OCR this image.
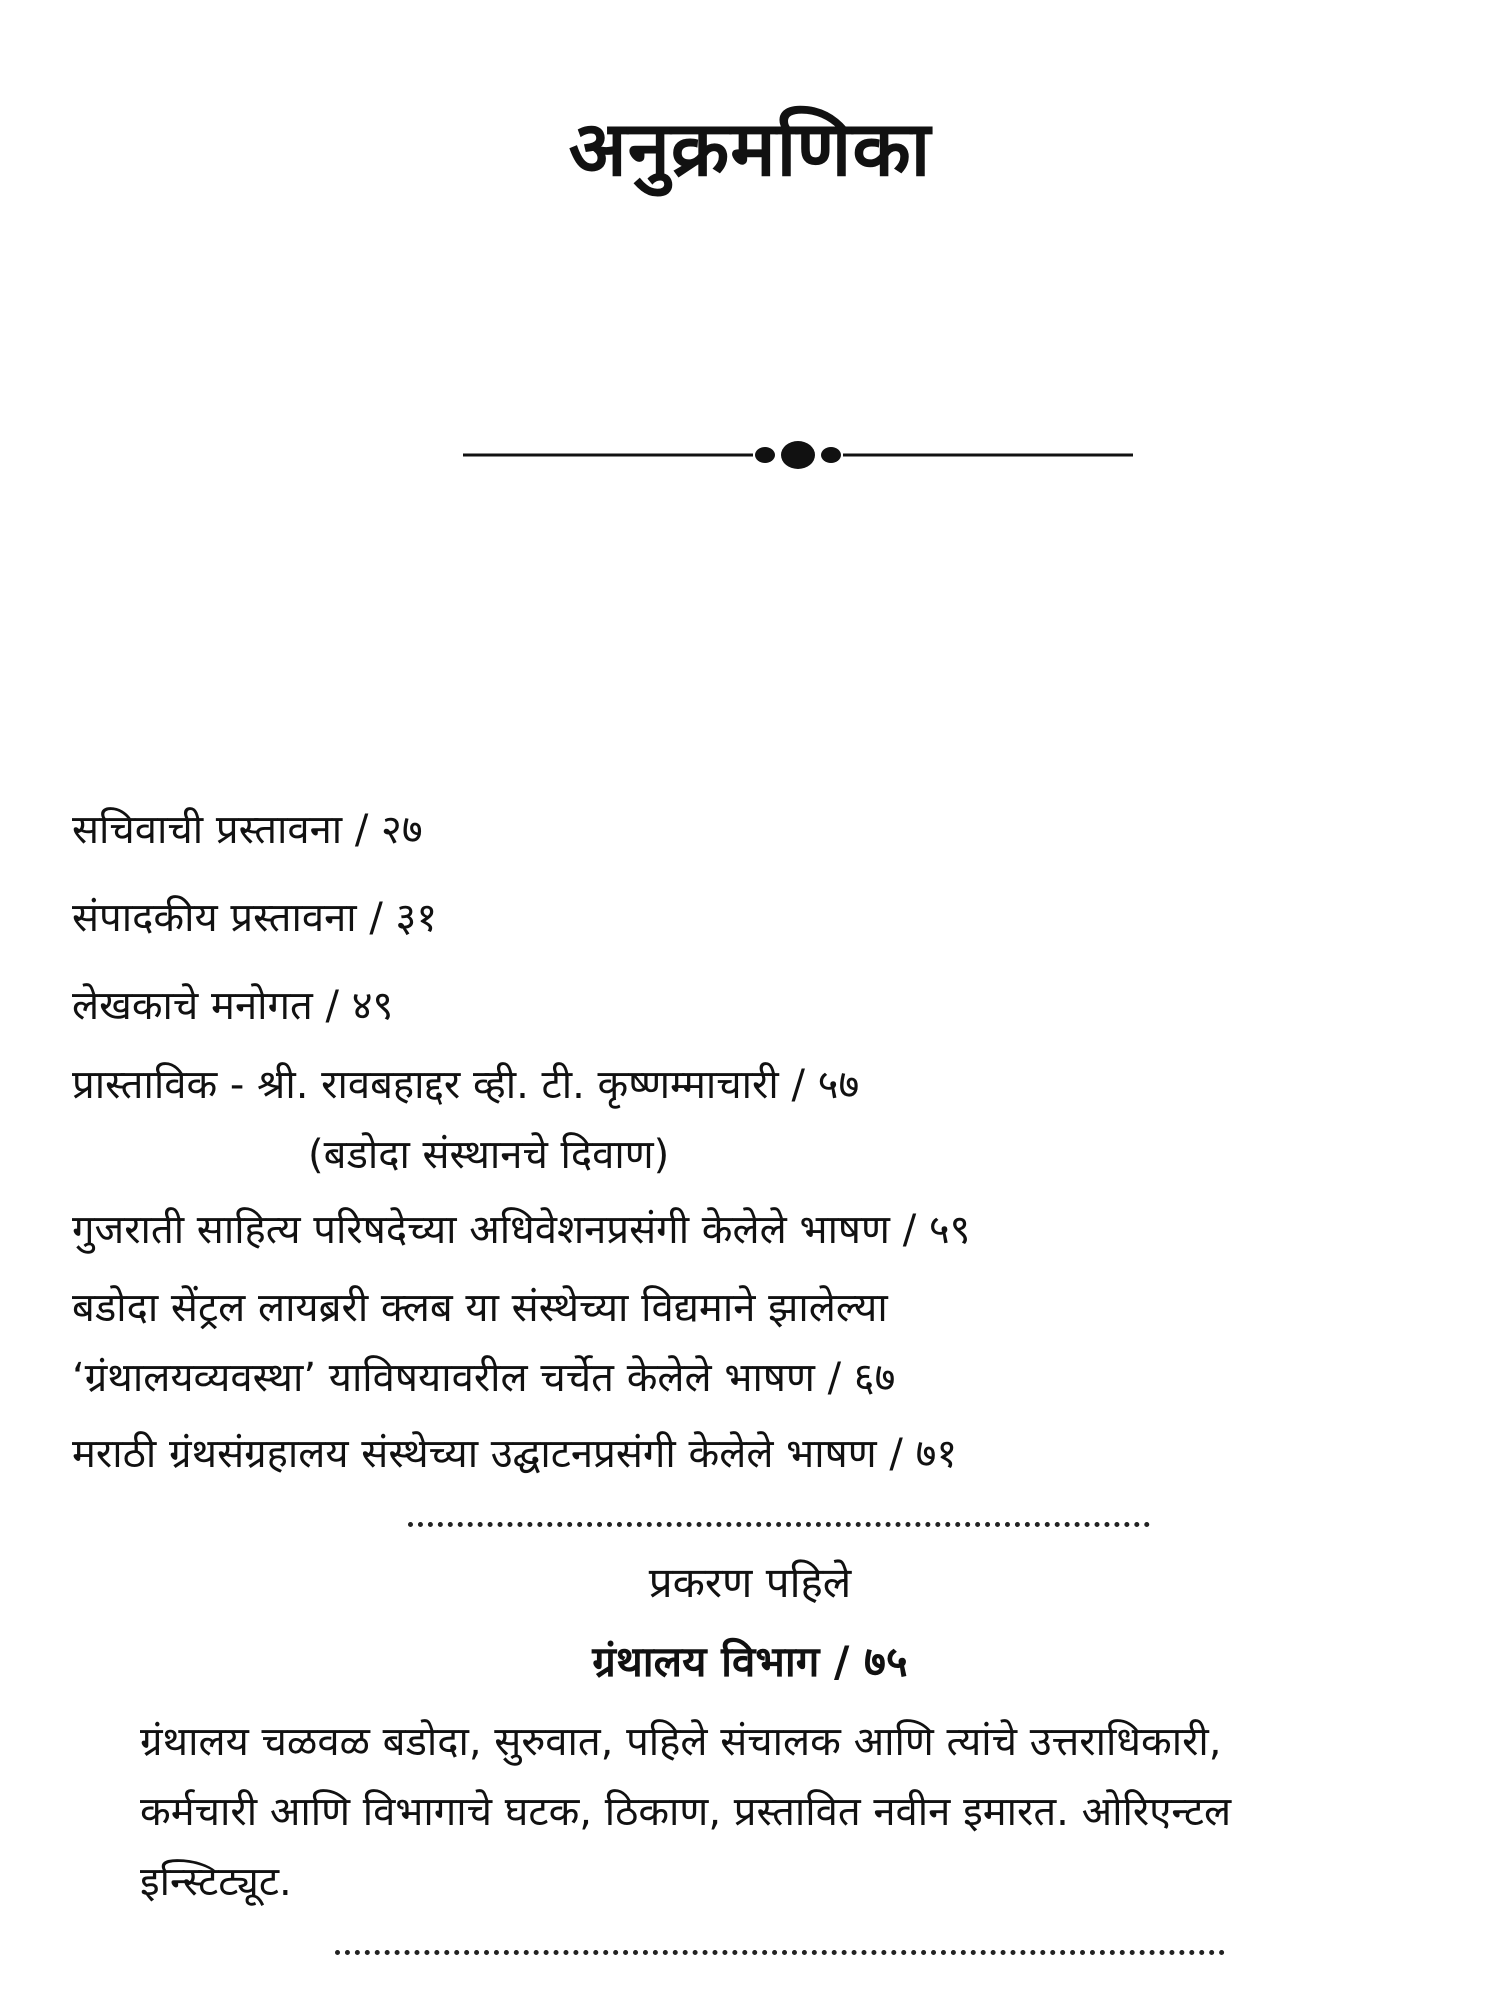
अनुक्रमणिका
सचिवाची प्रस्तावना / २७
संपादकीय प्रस्तावना / ३१
लेखकाचे मनोगत / ४९
प्रास्ताविक - श्री. रावबहाद्दर व्ही. टी. कृष्णम्माचारी / ५७
(बडोदा संस्थानचे दिवाण)
गुजराती साहित्य परिषदेच्या अधिवेशनप्रसंगी केलेले भाषण / ५९
बडोदा सेंट्रल लायब्ररी क्लब या संस्थेच्या विद्यमाने झालेल्या
‘ग्रंथालयव्यवस्था’ याविषयावरील चर्चेत केलेले भाषण / ६७
मराठी ग्रंथसंग्रहालय संस्थेच्या उद्घाटनप्रसंगी केलेले भाषण / ७१
प्रकरण पहिले
ग्रंथालय विभाग / ७५
ग्रंथालय चळवळ बडोदा, सुरुवात, पहिले संचालक आणि त्यांचे उत्तराधिकारी,
कर्मचारी आणि विभागाचे घटक, ठिकाण, प्रस्तावित नवीन इमारत. ओरिएन्टल
इन्स्टिट्यूट.
